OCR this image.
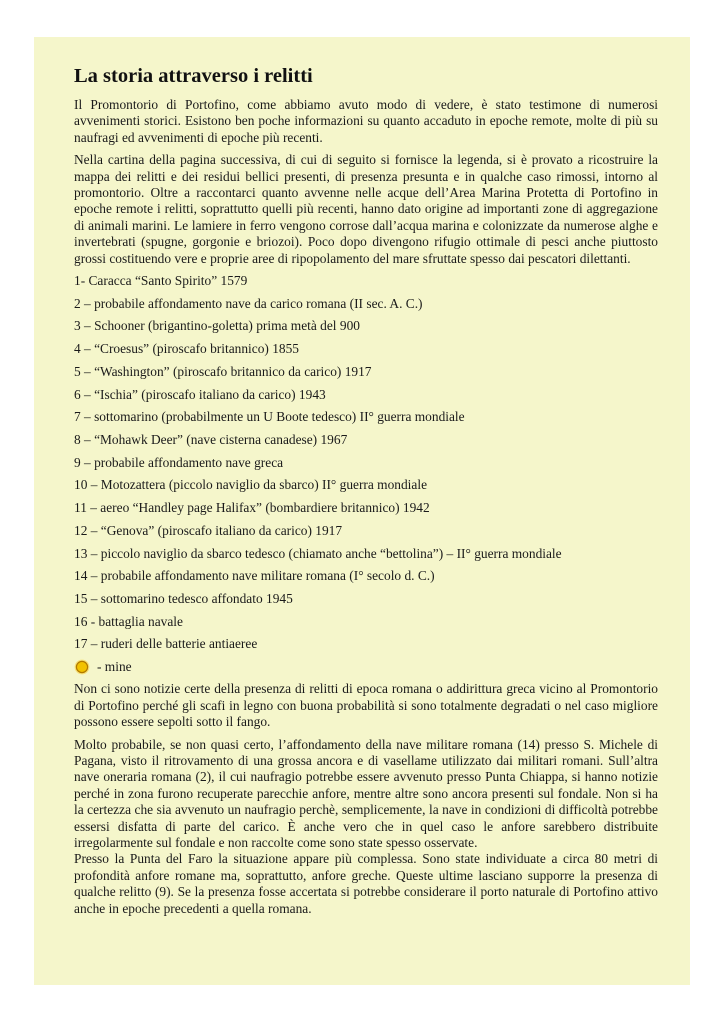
La storia attraverso i relitti

Il Promontorio di Portofino, come abbiamo avuto modo di vedere, è stato testimone di numerosi avvenimenti storici. Esistono ben poche informazioni su quanto accaduto in epoche remote, molte di più su naufragi ed avvenimenti di epoche più recenti.

Nella cartina della pagina successiva, di cui di seguito si fornisce la legenda, si è provato a ricostruire la mappa dei relitti e dei residui bellici presenti, di presenza presunta e in qualche caso rimossi, intorno al promontorio. Oltre a raccontarci quanto avvenne nelle acque dell’Area Marina Protetta di Portofino in epoche remote i relitti, soprattutto quelli più recenti, hanno dato origine ad importanti zone di aggregazione di animali marini. Le lamiere in ferro vengono corrose dall’acqua marina e colonizzate da numerose alghe e invertebrati (spugne, gorgonie e briozoi). Poco dopo divengono rifugio ottimale di pesci anche piuttosto grossi costituendo vere e proprie aree di ripopolamento del mare sfruttate spesso dai pescatori dilettanti.

1- Caracca “Santo Spirito” 1579
2 – probabile affondamento nave da carico romana (II sec. A. C.)
3 – Schooner (brigantino-goletta) prima metà del 900
4 – “Croesus” (piroscafo britannico) 1855
5 – “Washington” (piroscafo britannico da carico) 1917
6 – “Ischia” (piroscafo italiano da carico) 1943
7 – sottomarino (probabilmente un U Boote tedesco) II° guerra mondiale
8 – “Mohawk Deer” (nave cisterna canadese) 1967
9 – probabile affondamento nave greca
10 – Motozattera (piccolo naviglio da sbarco) II° guerra mondiale
11 – aereo “Handley page Halifax” (bombardiere britannico) 1942
12 – “Genova” (piroscafo italiano da carico) 1917
13 – piccolo naviglio da sbarco tedesco (chiamato anche “bettolina”) – II° guerra mondiale
14 – probabile affondamento nave militare romana (I° secolo d. C.)
15 – sottomarino tedesco affondato 1945
16 - battaglia navale
17 – ruderi delle batterie antiaeree
- mine

Non ci sono notizie certe della presenza di relitti di epoca romana o addirittura greca vicino al Promontorio di Portofino perché gli scafi in legno con buona probabilità si sono totalmente degradati o nel caso migliore possono essere sepolti sotto il fango.

Molto probabile, se non quasi certo, l’affondamento della nave militare romana (14) presso S. Michele di Pagana, visto il ritrovamento di una grossa ancora e di vasellame utilizzato dai militari romani. Sull’altra nave oneraria romana (2), il cui naufragio potrebbe essere avvenuto presso Punta Chiappa, si hanno notizie perché in zona furono recuperate parecchie anfore, mentre altre sono ancora presenti sul fondale. Non si ha la certezza che sia avvenuto un naufragio perchè, semplicemente, la nave in condizioni di difficoltà potrebbe essersi disfatta di parte del carico. È anche vero che in quel caso le anfore sarebbero distribuite irregolarmente sul fondale e non raccolte come sono state spesso osservate.

Presso la Punta del Faro la situazione appare più complessa. Sono state individuate a circa 80 metri di profondità anfore romane ma, soprattutto, anfore greche. Queste ultime lasciano supporre la presenza di qualche relitto (9). Se la presenza fosse accertata si potrebbe considerare il porto naturale di Portofino attivo anche in epoche precedenti a quella romana.
